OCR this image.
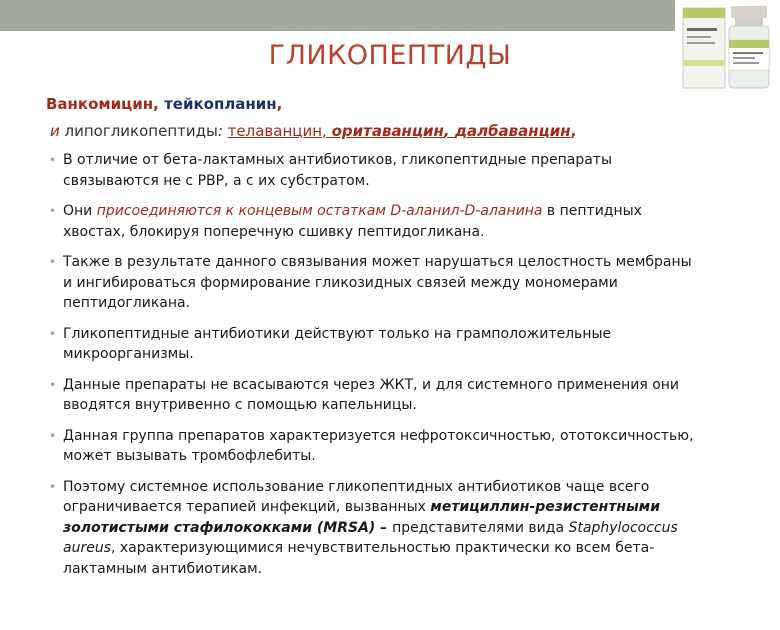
ГЛИКОПЕПТИДЫ
Ванкомицин, тейкопланин,
и липогликопептиды: телаванцин, оритаванцин, далбаванцин,
• В отличие от бета-лактамных антибиотиков, гликопептидные препараты связываются не с PBP, а с их субстратом.
• Они присоединяются к концевым остаткам D-аланил-D-аланина в пептидных хвостах, блокируя поперечную сшивку пептидогликана.
• Также в результате данного связывания может нарушаться целостность мембраны и ингибироваться формирование гликозидных связей между мономерами пептидогликана.
• Гликопептидные антибиотики действуют только на грамположительные микроорганизмы.
• Данные препараты не всасываются через ЖКТ, и для системного применения они вводятся внутривенно с помощью капельницы.
• Данная группа препаратов характеризуется нефротоксичностью, ототоксичностью, может вызывать тромбофлебиты.
• Поэтому системное использование гликопептидных антибиотиков чаще всего ограничивается терапией инфекций, вызванных метициллин-резистентными золотистыми стафилококками (MRSA) – представителями вида Staphylococcus aureus, характеризующимися нечувствительностью практически ко всем бета-лактамным антибиотикам.
